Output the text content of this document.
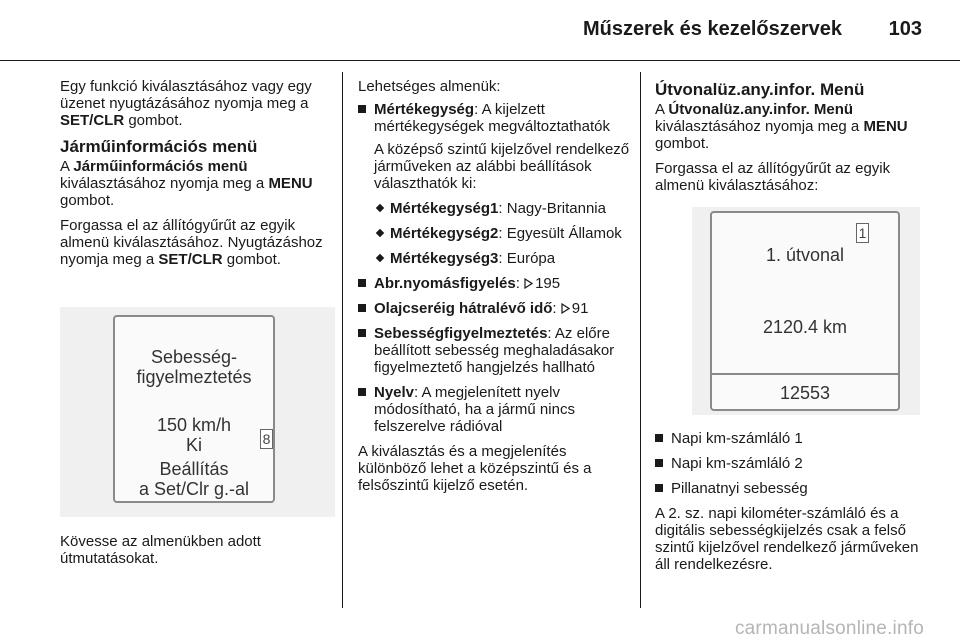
Műszerek és kezelőszervek 103

Egy funkció kiválasztásához vagy egy üzenet nyugtázásához nyomja meg a SET/CLR gombot.

Járműinformációs menü

A Járműinformációs menü kiválasztásához nyomja meg a MENU gombot.

Forgassa el az állítógyűrűt az egyik almenü kiválasztásához. Nyugtázáshoz nyomja meg a SET/CLR gombot.

Sebesség-
figyelmeztetés
150 km/h
Ki
Beállítás
a Set/Clr g.-al
8

Kövesse az almenükben adott útmutatásokat.

Lehetséges almenük:

Mértékegység: A kijelzett mértékegységek megváltoztathatók
A középső szintű kijelzővel rendelkező járműveken az alábbi beállítások választhatók ki:
Mértékegység1: Nagy-Britannia
Mértékegység2: Egyesült Államok
Mértékegység3: Európa
Abr.nyomásfigyelés: 195
Olajcseréig hátralévő idő: 91
Sebességfigyelmeztetés: Az előre beállított sebesség meghaladásakor figyelmeztető hangjelzés hallható
Nyelv: A megjelenített nyelv módosítható, ha a jármű nincs felszerelve rádióval

A kiválasztás és a megjelenítés különböző lehet a középszintű és a felsőszintű kijelző esetén.

Útvonalüz.any.infor. Menü

A Útvonalüz.any.infor. Menü kiválasztásához nyomja meg a MENU gombot.

Forgassa el az állítógyűrűt az egyik almenü kiválasztásához:

1. útvonal
2120.4 km
12553
1
Napi km-számláló 1
Napi km-számláló 2
Pillanatnyi sebesség

A 2. sz. napi kilométer-számláló és a digitális sebességkijelzés csak a felső szintű kijelzővel rendelkező járműveken áll rendelkezésre.

carmanualsonline.info
